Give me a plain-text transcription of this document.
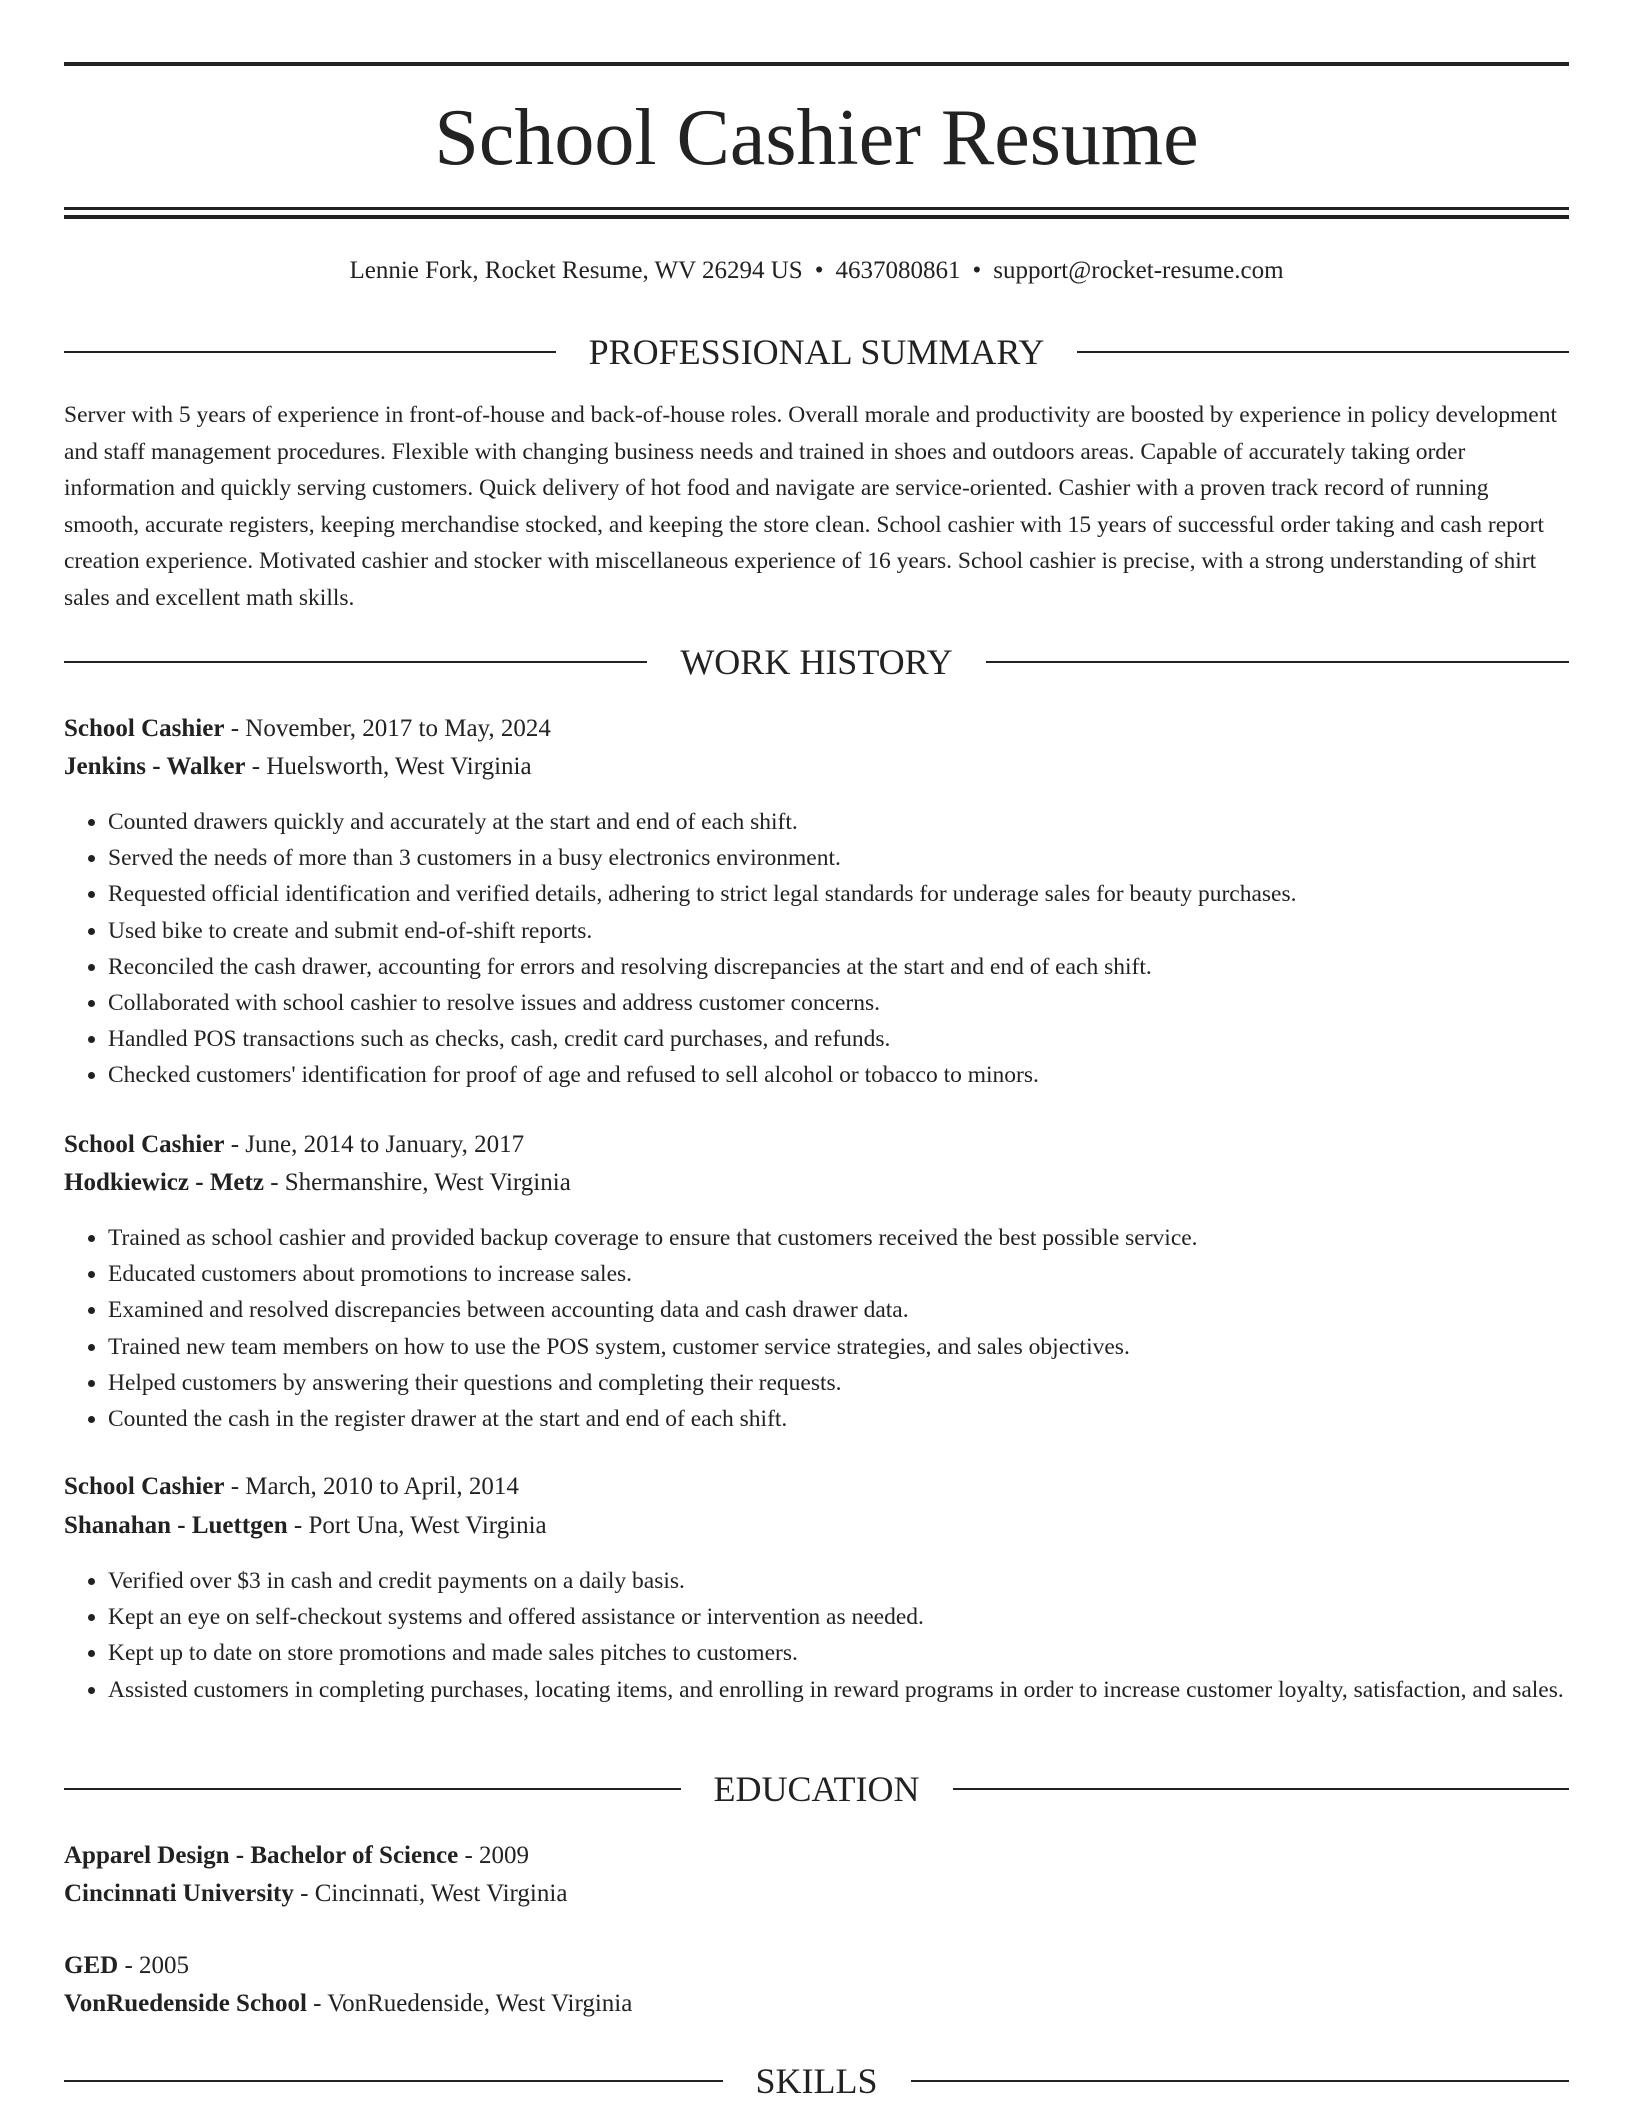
School Cashier Resume
Lennie Fork, Rocket Resume, WV 26294 US • 4637080861 • support@rocket-resume.com
PROFESSIONAL SUMMARY

Server with 5 years of experience in front-of-house and back-of-house roles. Overall morale and productivity are boosted by experience in policy development and staff management procedures. Flexible with changing business needs and trained in shoes and outdoors areas. Capable of accurately taking order information and quickly serving customers. Quick delivery of hot food and navigate are service-oriented. Cashier with a proven track record of running smooth, accurate registers, keeping merchandise stocked, and keeping the store clean. School cashier with 15 years of successful order taking and cash report creation experience. Motivated cashier and stocker with miscellaneous experience of 16 years. School cashier is precise, with a strong understanding of shirt sales and excellent math skills.

WORK HISTORY
School Cashier - November, 2017 to May, 2024
Jenkins - Walker - Huelsworth, West Virginia
• Counted drawers quickly and accurately at the start and end of each shift.
• Served the needs of more than 3 customers in a busy electronics environment.
• Requested official identification and verified details, adhering to strict legal standards for underage sales for beauty purchases.
• Used bike to create and submit end-of-shift reports.
• Reconciled the cash drawer, accounting for errors and resolving discrepancies at the start and end of each shift.
• Collaborated with school cashier to resolve issues and address customer concerns.
• Handled POS transactions such as checks, cash, credit card purchases, and refunds.
• Checked customers' identification for proof of age and refused to sell alcohol or tobacco to minors.
School Cashier - June, 2014 to January, 2017
Hodkiewicz - Metz - Shermanshire, West Virginia
• Trained as school cashier and provided backup coverage to ensure that customers received the best possible service.
• Educated customers about promotions to increase sales.
• Examined and resolved discrepancies between accounting data and cash drawer data.
• Trained new team members on how to use the POS system, customer service strategies, and sales objectives.
• Helped customers by answering their questions and completing their requests.
• Counted the cash in the register drawer at the start and end of each shift.
School Cashier - March, 2010 to April, 2014
Shanahan - Luettgen - Port Una, West Virginia
• Verified over $3 in cash and credit payments on a daily basis.
• Kept an eye on self-checkout systems and offered assistance or intervention as needed.
• Kept up to date on store promotions and made sales pitches to customers.
• Assisted customers in completing purchases, locating items, and enrolling in reward programs in order to increase customer loyalty, satisfaction, and sales.
EDUCATION
Apparel Design - Bachelor of Science - 2009
Cincinnati University - Cincinnati, West Virginia
GED - 2005
VonRuedenside School - VonRuedenside, West Virginia
SKILLS
